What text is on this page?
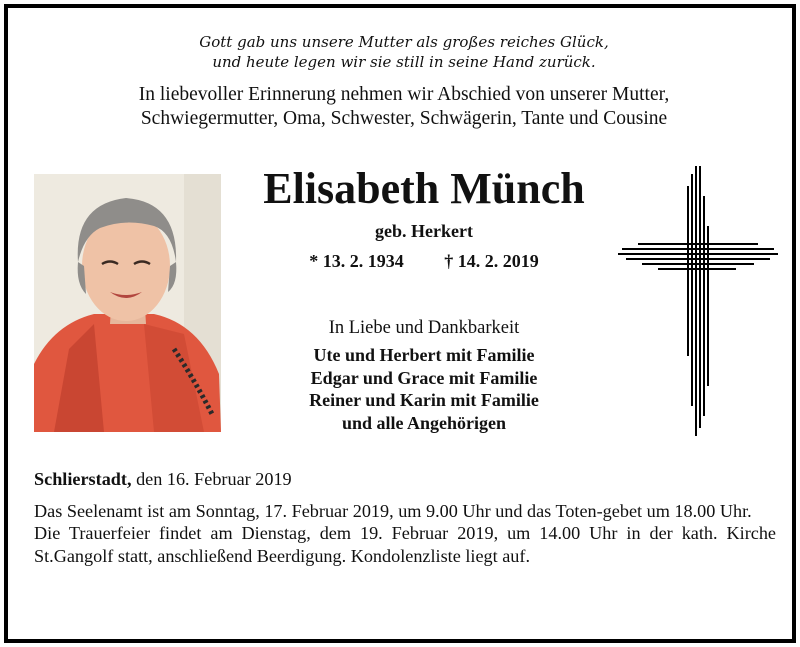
Gott gab uns unsere Mutter als großes reiches Glück,
und heute legen wir sie still in seine Hand zurück.
In liebevoller Erinnerung nehmen wir Abschied von unserer Mutter,
Schwiegermutter, Oma, Schwester, Schwägerin, Tante und Cousine
Elisabeth Münch
geb. Herkert
* 13. 2. 1934 † 14. 2. 2019
In Liebe und Dankbarkeit
Ute und Herbert mit Familie
Edgar und Grace mit Familie
Reiner und Karin mit Familie
und alle Angehörigen

Schlierstadt, den 16. Februar 2019

Das Seelenamt ist am Sonntag, 17. Februar 2019, um 9.00 Uhr und das Toten-gebet um 18.00 Uhr.

Die Trauerfeier findet am Dienstag, dem 19. Februar 2019, um 14.00 Uhr in der kath. Kirche St.Gangolf statt, anschließend Beerdigung. Kondolenzliste liegt auf.
